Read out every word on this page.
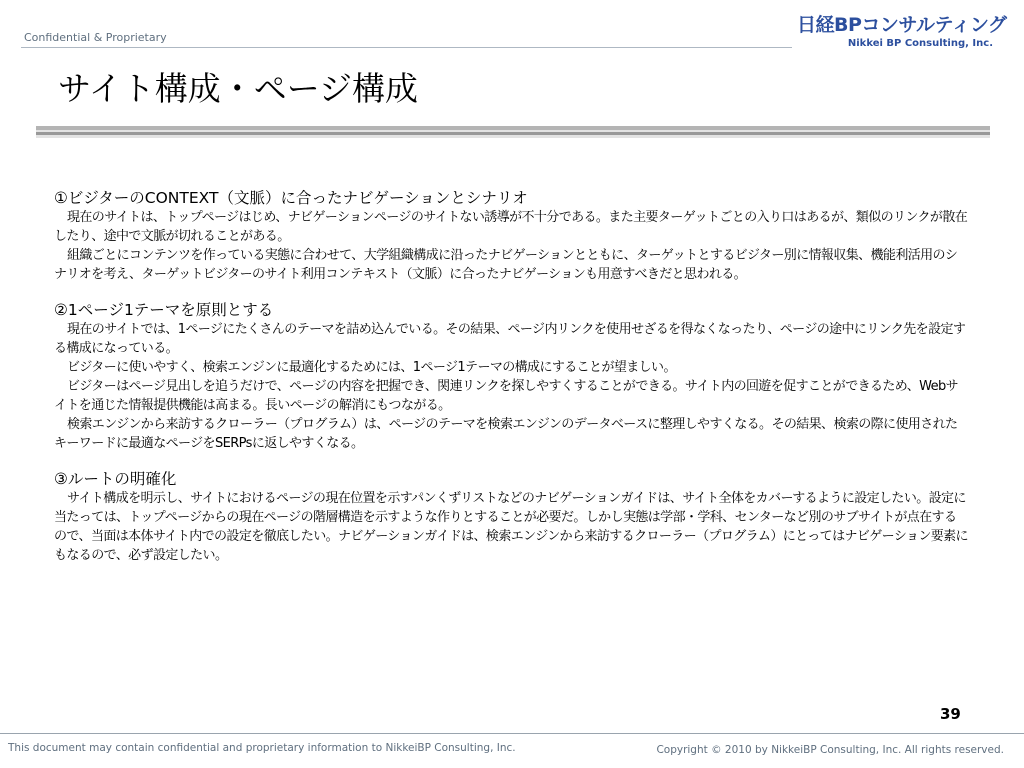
Confidential & Proprietary
日経BPコンサルティング
Nikkei BP Consulting, Inc.
サイト構成・ページ構成
①ビジターのCONTEXT（文脈）に合ったナビゲーションとシナリオ

現在のサイトは、トップページはじめ、ナビゲーションページのサイトない誘導が不十分である。また主要ターゲットごとの入り口はあるが、類似のリンクが散在したり、途中で文脈が切れることがある。

組織ごとにコンテンツを作っている実態に合わせて、大学組織構成に沿ったナビゲーションとともに、ターゲットとするビジター別に情報収集、機能利活用のシナリオを考え、ターゲットビジターのサイト利用コンテキスト（文脈）に合ったナビゲーションも用意すべきだと思われる。

②1ページ1テーマを原則とする

現在のサイトでは、1ページにたくさんのテーマを詰め込んでいる。その結果、ページ内リンクを使用せざるを得なくなったり、ページの途中にリンク先を設定する構成になっている。

ビジターに使いやすく、検索エンジンに最適化するためには、1ページ1テーマの構成にすることが望ましい。

ビジターはページ見出しを追うだけで、ページの内容を把握でき、関連リンクを探しやすくすることができる。サイト内の回遊を促すことができるため、Webサイトを通じた情報提供機能は高まる。長いページの解消にもつながる。

検索エンジンから来訪するクローラー（プログラム）は、ページのテーマを検索エンジンのデータベースに整理しやすくなる。その結果、検索の際に使用されたキーワードに最適なページをSERPsに返しやすくなる。

③ルートの明確化

サイト構成を明示し、サイトにおけるページの現在位置を示すパンくずリストなどのナビゲーションガイドは、サイト全体をカバーするように設定したい。設定に当たっては、トップページからの現在ページの階層構造を示すような作りとすることが必要だ。しかし実態は学部・学科、センターなど別のサブサイトが点在するので、当面は本体サイト内での設定を徹底したい。ナビゲーションガイドは、検索エンジンから来訪するクローラー（プログラム）にとってはナビゲーション要素にもなるので、必ず設定したい。

39
This document may contain confidential and proprietary information to NikkeiBP Consulting, Inc.	Copyright © 2010 by NikkeiBP Consulting, Inc. All rights reserved.
